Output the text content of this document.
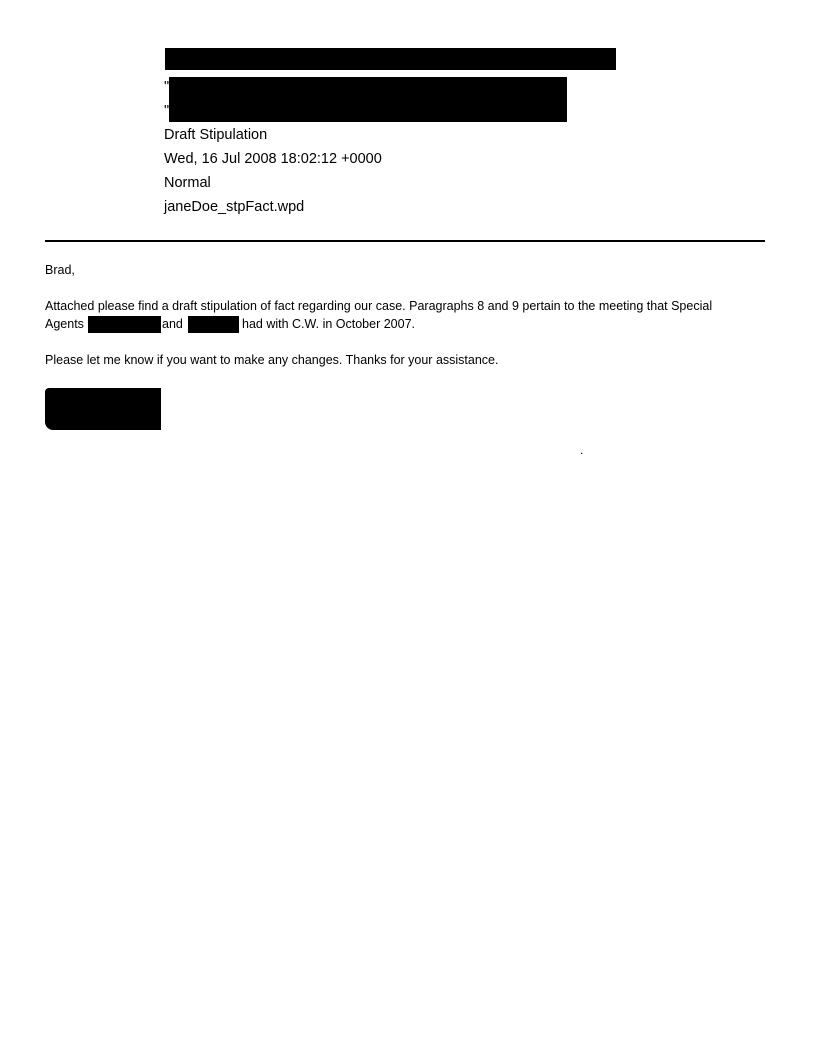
"
"
Draft Stipulation
Wed, 16 Jul 2008 18:02:12 +0000
Normal
janeDoe_stpFact.wpd
Brad,
Attached please find a draft stipulation of fact regarding our case. Paragraphs 8 and 9 pertain to the meeting that Special
Agents	and	had with C.W. in October 2007.
Please let me know if you want to make any changes. Thanks for your assistance.
.
